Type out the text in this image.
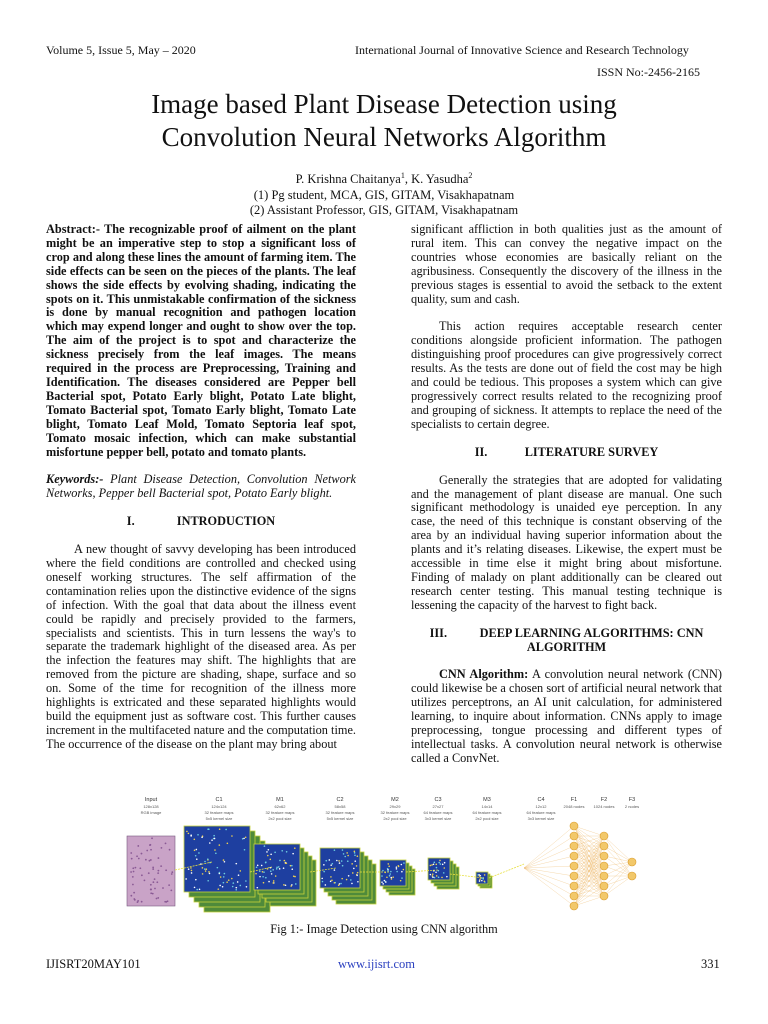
Volume 5, Issue 5, May – 2020	International Journal of Innovative Science and Research Technology
ISSN No:-2456-2165
Image based Plant Disease Detection using
Convolution Neural Networks Algorithm
P. Krishna Chaitanya$^1$, K. Yasudha$^2$
(1) Pg student, MCA, GIS, GITAM, Visakhapatnam
(2) Assistant Professor, GIS, GITAM, Visakhapatnam

Abstract:- The recognizable proof of ailment on the plant might be an imperative step to stop a significant loss of crop and along these lines the amount of farming item. The side effects can be seen on the pieces of the plants. The leaf shows the side effects by evolving shading, indicating the spots on it. This unmistakable confirmation of the sickness is done by manual recognition and pathogen location which may expend longer and ought to show over the top. The aim of the project is to spot and characterize the sickness precisely from the leaf images. The means required in the process are Preprocessing, Training and Identification. The diseases considered are Pepper bell Bacterial spot, Potato Early blight, Potato Late blight, Tomato Bacterial spot, Tomato Early blight, Tomato Late blight, Tomato Leaf Mold, Tomato Septoria leaf spot, Tomato mosaic infection, which can make substantial misfortune pepper bell, potato and tomato plants.

Keywords:- Plant Disease Detection, Convolution Network Networks, Pepper bell Bacterial spot, Potato Early blight.

I.	INTRODUCTION

A new thought of savvy developing has been introduced where the field conditions are controlled and checked using oneself working structures. The self affirmation of the contamination relies upon the distinctive evidence of the signs of infection. With the goal that data about the illness event could be rapidly and precisely provided to the farmers, specialists and scientists. This in turn lessens the way's to separate the trademark highlight of the diseased area. As per the infection the features may shift. The highlights that are removed from the picture are shading, shape, surface and so on. Some of the time for recognition of the illness more highlights is extricated and these separated highlights would build the equipment just as software cost. This further causes increment in the multifaceted nature and the computation time. The occurrence of the disease on the plant may bring about

significant affliction in both qualities just as the amount of rural item. This can convey the negative impact on the countries whose economies are basically reliant on the agribusiness. Consequently the discovery of the illness in the previous stages is essential to avoid the setback to the extent quality, sum and cash.

This action requires acceptable research center conditions alongside proficient information. The pathogen distinguishing proof procedures can give progressively correct results. As the tests are done out of field the cost may be high and could be tedious. This proposes a system which can give progressively correct results related to the recognizing proof and grouping of sickness. It attempts to replace the need of the specialists to certain degree.

II.	LITERATURE SURVEY

Generally the strategies that are adopted for validating and the management of plant disease are manual. One such significant methodology is unaided eye perception. In any case, the need of this technique is constant observing of the area by an individual having superior information about the plants and it’s relating diseases. Likewise, the expert must be accessible in time else it might bring about misfortune. Finding of malady on plant additionally can be cleared out research center testing. This manual testing technique is lessening the capacity of the harvest to fight back.

III.	DEEP LEARNING ALGORITHMS: CNN
ALGORITHM

CNN Algorithm: A convolution neural network (CNN) could likewise be a chosen sort of artificial neural network that utilizes perceptrons, an AI unit calculation, for administered learning, to inquire about information. CNNs apply to image preprocessing, tongue processing and different types of intellectual tasks. A convolution neural network is otherwise called a ConvNet.

Input
128x128
RGB image
C1
124x124
32 feature maps
5x5 kernel size
M1
62x62
32 feature maps
2x2 pool size
C2
58x58
32 feature maps
5x5 kernel size
M2
29x29
32 feature maps
2x2 pool size
C3
27x27
64 feature maps
3x3 kernel size
M3
14x14
64 feature maps
2x2 pool size
C4
12x12
64 feature maps
3x3 kernel size
F1
2048 nodes
F2
1024 nodes
F3
2 nodes
Fig 1:- Image Detection using CNN algorithm
IJISRT20MAY101	www.ijisrt.com	331
